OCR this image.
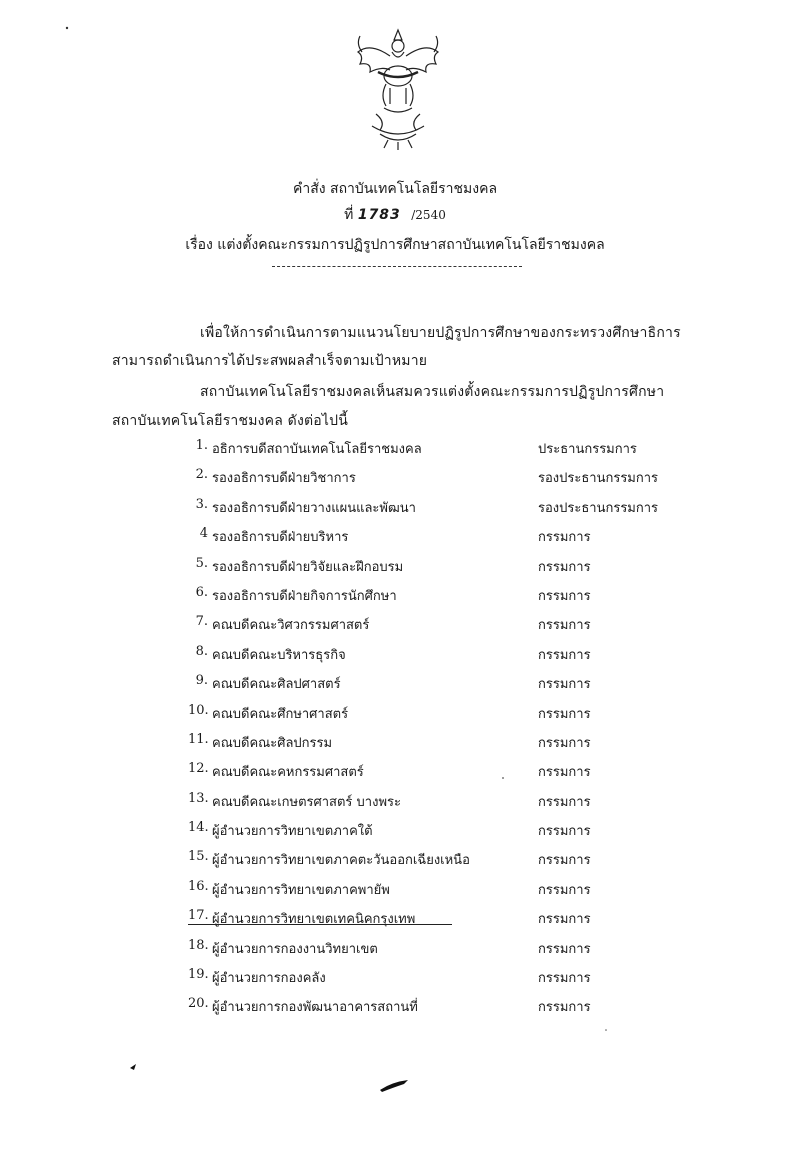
คำสั่ง สถาบันเทคโนโลยีราชมงคล
ที่ 1783 /2540
เรื่อง แต่งตั้งคณะกรรมการปฏิรูปการศึกษาสถาบันเทคโนโลยีราชมงคล
เพื่อให้การดำเนินการตามแนวนโยบายปฏิรูปการศึกษาของกระทรวงศึกษาธิการ
สามารถดำเนินการได้ประสพผลสำเร็จตามเป้าหมาย
สถาบันเทคโนโลยีราชมงคลเห็นสมควรแต่งตั้งคณะกรรมการปฏิรูปการศึกษา
สถาบันเทคโนโลยีราชมงคล ดังต่อไปนี้
1. อธิการบดีสถาบันเทคโนโลยีราชมงคล	ประธานกรรมการ
2. รองอธิการบดีฝ่ายวิชาการ	รองประธานกรรมการ
3. รองอธิการบดีฝ่ายวางแผนและพัฒนา	รองประธานกรรมการ
4 รองอธิการบดีฝ่ายบริหาร	กรรมการ
5. รองอธิการบดีฝ่ายวิจัยและฝึกอบรม	กรรมการ
6. รองอธิการบดีฝ่ายกิจการนักศึกษา	กรรมการ
7. คณบดีคณะวิศวกรรมศาสตร์	กรรมการ
8. คณบดีคณะบริหารธุรกิจ	กรรมการ
9. คณบดีคณะศิลปศาสตร์	กรรมการ
10. คณบดีคณะศึกษาศาสตร์	กรรมการ
11. คณบดีคณะศิลปกรรม	กรรมการ
12. คณบดีคณะคหกรรมศาสตร์	กรรมการ
13. คณบดีคณะเกษตรศาสตร์ บางพระ	กรรมการ
14. ผู้อำนวยการวิทยาเขตภาคใต้	กรรมการ
15. ผู้อำนวยการวิทยาเขตภาคตะวันออกเฉียงเหนือ	กรรมการ
16. ผู้อำนวยการวิทยาเขตภาคพายัพ	กรรมการ
17. ผู้อำนวยการวิทยาเขตเทคนิคกรุงเทพ	กรรมการ
18. ผู้อำนวยการกองงานวิทยาเขต	กรรมการ
19. ผู้อำนวยการกองคลัง	กรรมการ
20. ผู้อำนวยการกองพัฒนาอาคารสถานที่	กรรมการ
